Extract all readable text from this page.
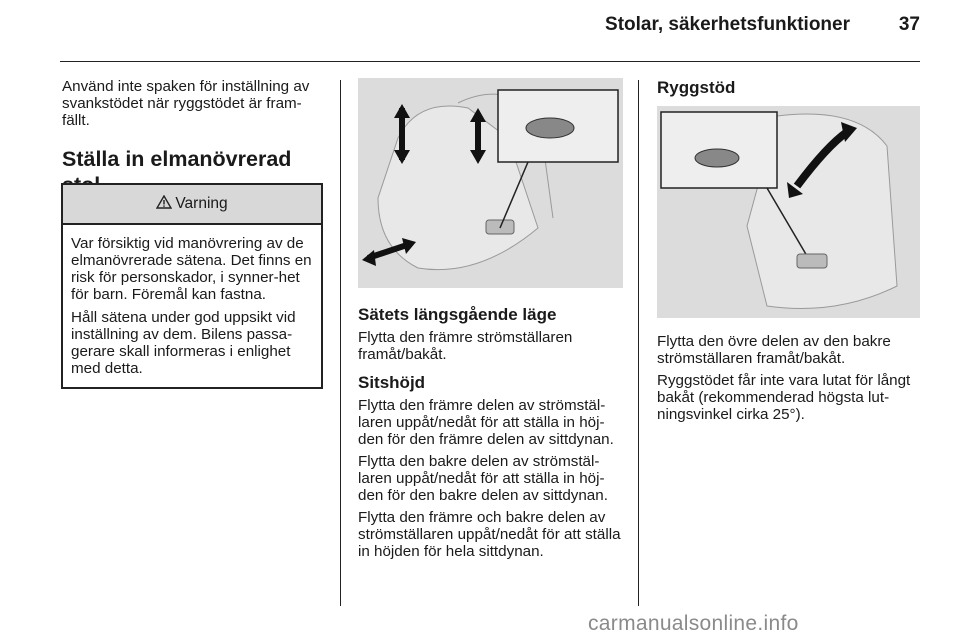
Stolar, säkerhetsfunktioner	37

Använd inte spaken för inställning av svankstödet när ryggstödet är fram-fällt.

Ställa in elmanövrerad

Varning

Var försiktig vid manövrering av de elmanövrerade sätena. Det finns en risk för personskador, i synner-het för barn. Föremål kan fastna.

Håll sätena under god uppsikt vid inställning av dem. Bilens passa-gerare skall informeras i enlighet med detta.

Sätets längsgående läge

Flytta den främre strömställaren framåt/bakåt.

Sitshöjd

Flytta den främre delen av strömstäl-laren uppåt/nedåt för att ställa in höj-den för den främre delen av sittdynan.

Flytta den bakre delen av strömstäl-laren uppåt/nedåt för att ställa in höj-den för den bakre delen av sittdynan.

Flytta den främre och bakre delen av strömställaren uppåt/nedåt för att ställa in höjden för hela sittdynan.

Ryggstöd

Flytta den övre delen av den bakre strömställaren framåt/bakåt.

Ryggstödet får inte vara lutat för långt bakåt (rekommenderad högsta lut-ningsvinkel cirka 25°).

carmanualsonline.info
